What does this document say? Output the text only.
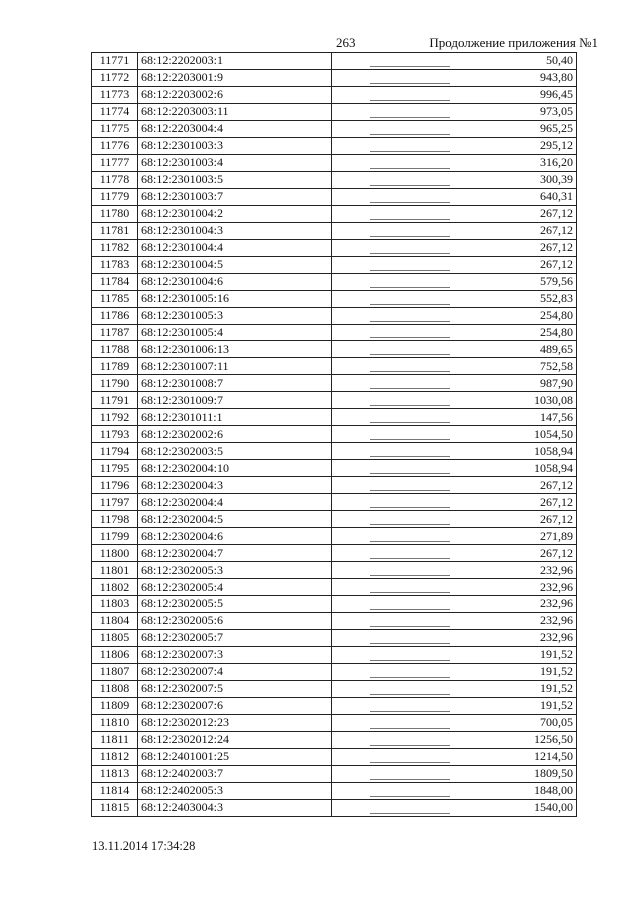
263	Продолжение приложения №1
11771	68:12:2202003:1	50,40
11772	68:12:2203001:9	943,80
11773	68:12:2203002:6	996,45
11774	68:12:2203003:11	973,05
11775	68:12:2203004:4	965,25
11776	68:12:2301003:3	295,12
11777	68:12:2301003:4	316,20
11778	68:12:2301003:5	300,39
11779	68:12:2301003:7	640,31
11780	68:12:2301004:2	267,12
11781	68:12:2301004:3	267,12
11782	68:12:2301004:4	267,12
11783	68:12:2301004:5	267,12
11784	68:12:2301004:6	579,56
11785	68:12:2301005:16	552,83
11786	68:12:2301005:3	254,80
11787	68:12:2301005:4	254,80
11788	68:12:2301006:13	489,65
11789	68:12:2301007:11	752,58
11790	68:12:2301008:7	987,90
11791	68:12:2301009:7	1030,08
11792	68:12:2301011:1	147,56
11793	68:12:2302002:6	1054,50
11794	68:12:2302003:5	1058,94
11795	68:12:2302004:10	1058,94
11796	68:12:2302004:3	267,12
11797	68:12:2302004:4	267,12
11798	68:12:2302004:5	267,12
11799	68:12:2302004:6	271,89
11800	68:12:2302004:7	267,12
11801	68:12:2302005:3	232,96
11802	68:12:2302005:4	232,96
11803	68:12:2302005:5	232,96
11804	68:12:2302005:6	232,96
11805	68:12:2302005:7	232,96
11806	68:12:2302007:3	191,52
11807	68:12:2302007:4	191,52
11808	68:12:2302007:5	191,52
11809	68:12:2302007:6	191,52
11810	68:12:2302012:23	700,05
11811	68:12:2302012:24	1256,50
11812	68:12:2401001:25	1214,50
11813	68:12:2402003:7	1809,50
11814	68:12:2402005:3	1848,00
11815	68:12:2403004:3	1540,00
13.11.2014 17:34:28
